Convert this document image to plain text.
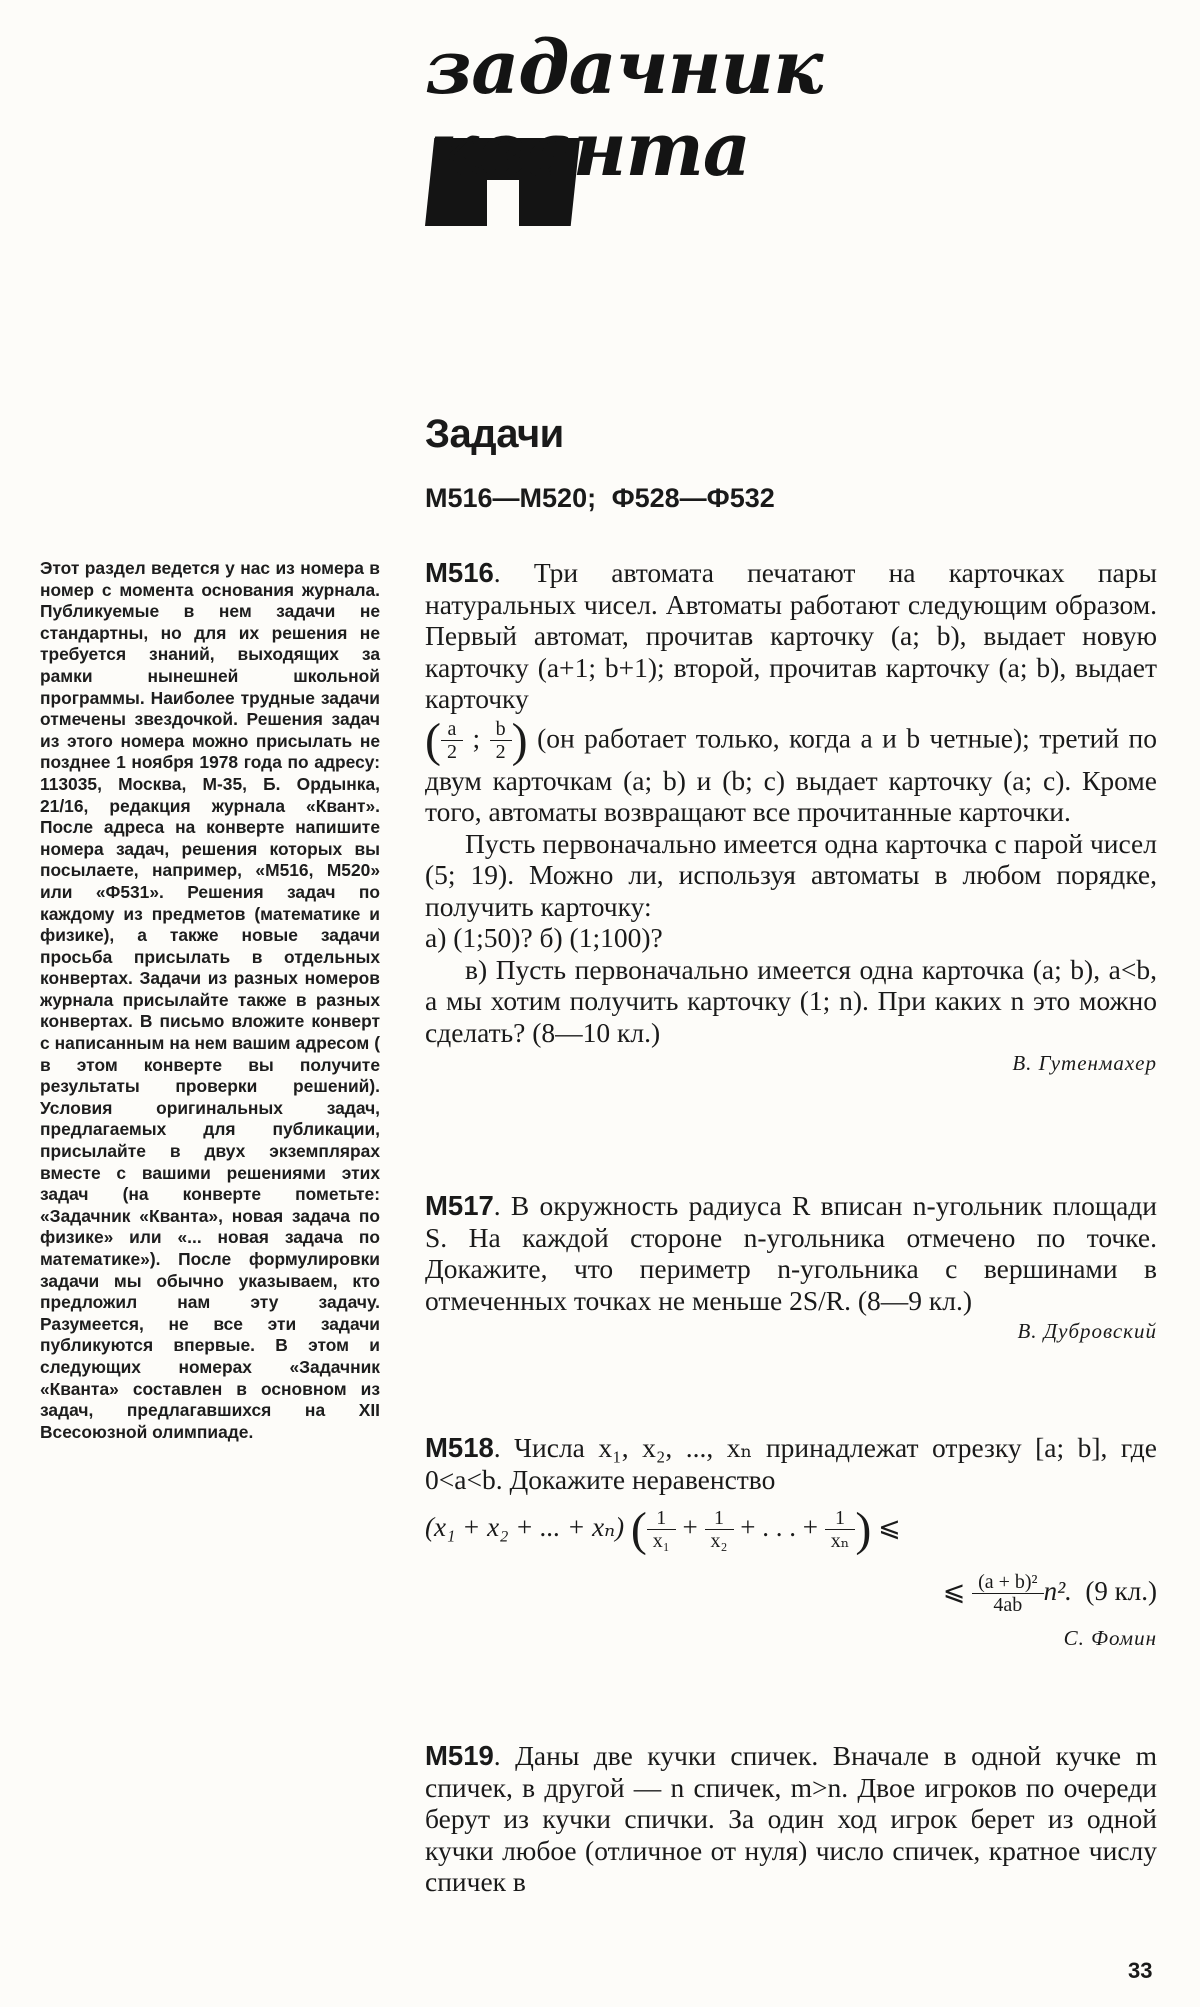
задачник
кванта
Задачи
М516—М520; Ф528—Ф532
Этот раздел ведется у нас из номера в номер с момента основания журнала. Публикуемые в нем задачи не стандартны, но для их решения не требуется знаний, выходящих за рамки нынешней школьной программы. Наиболее трудные задачи отмечены звездочкой. Решения задач из этого номера можно присылать не позднее 1 ноября 1978 года по адресу: 113035, Москва, М-35, Б. Ордынка, 21/16, редакция журнала «Квант». После адреса на конверте напишите номера задач, решения которых вы посылаете, например, «М516, М520» или «Ф531». Решения задач по каждому из предметов (математике и физике), а также новые задачи просьба присылать в отдельных конвертах. Задачи из разных номеров журнала присылайте также в разных конвертах. В письмо вложите конверт с написанным на нем вашим адресом ( в этом конверте вы получите результаты проверки решений). Условия оригинальных задач, предлагаемых для публикации, присылайте в двух экземплярах вместе с вашими решениями этих задач (на конверте пометьте: «Задачник «Кванта», новая задача по физике» или «... новая задача по математике»). После формулировки задачи мы обычно указываем, кто предложил нам эту задачу. Разумеется, не все эти задачи публикуются впервые. В этом и следующих номерах «Задачник «Кванта» составлен в основном из задач, предлагавшихся на XII Всесоюзной олимпиаде.

М516. Три автомата печатают на карточках пары натуральных чисел. Автоматы работают следующим образом. Первый автомат, прочитав карточку (a; b), выдает новую карточку (a+1; b+1); второй, прочитав карточку (a; b), выдает карточку

( $\frac{a}{2}$ ; $\frac{b}{2}$ ) (он работает только, когда a и b четные); третий по двум карточкам (a; b) и (b; c) выдает карточку (a; c). Кроме того, автоматы возвращают все прочитанные карточки.

Пусть первоначально имеется одна карточка с парой чисел (5; 19). Можно ли, используя автоматы в любом порядке, получить карточку:

а) (1;50)? б) (1;100)?

в) Пусть первоначально имеется одна карточка (a; b), a<b, а мы хотим получить карточку (1; n). При каких n это можно сделать? (8—10 кл.)

В. Гутенмахер

М517. В окружность радиуса R вписан n-угольник площади S. На каждой стороне n-угольника отмечено по точке. Докажите, что периметр n-угольника с вершинами в отмеченных точках не меньше 2S/R. (8—9 кл.)

В. Дубровский

М518. Числа x₁, x₂, ..., xₙ принадлежат отрезку [a; b], где 0<a<b. Докажите неравенство

(x₁ + x₂ + ... + xₙ) ( $\frac{1}{\text{x₁}} + \frac{1}{\text{x₂}}$ + . . . + $\frac{1}{\text{xₙ}}$ ) ⩽
⩽ $\frac{\text{(a + b)²}}{4ab} n^2$. (9 кл.)

С. Фомин

М519. Даны две кучки спичек. Вначале в одной кучке m спичек, в другой — n спичек, m>n. Двое игроков по очереди берут из кучки спички. За один ход игрок берет из одной кучки любое (отличное от нуля) число спичек, кратное числу спичек в

33
